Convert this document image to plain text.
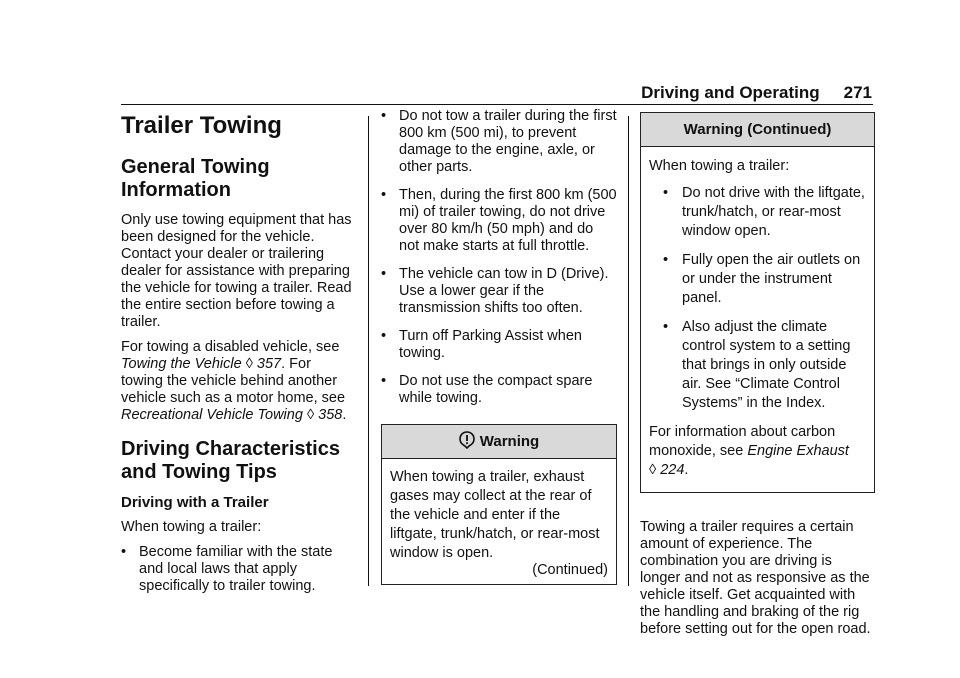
Driving and Operating 271
Trailer Towing
General Towing Information

Only use towing equipment that has been designed for the vehicle. Contact your dealer or trailering dealer for assistance with preparing the vehicle for towing a trailer. Read the entire section before towing a trailer.

For towing a disabled vehicle, see Towing the Vehicle ◊ 357. For towing the vehicle behind another vehicle such as a motor home, see Recreational Vehicle Towing ◊ 358.

Driving Characteristics and Towing Tips
Driving with a Trailer

When towing a trailer:

• Become familiar with the state and local laws that apply specifically to trailer towing.
• Do not tow a trailer during the first 800 km (500 mi), to prevent damage to the engine, axle, or other parts.
• Then, during the first 800 km (500 mi) of trailer towing, do not drive over 80 km/h (50 mph) and do not make starts at full throttle.
• The vehicle can tow in D (Drive). Use a lower gear if the transmission shifts too often.
• Turn off Parking Assist when towing.
• Do not use the compact spare while towing.
Warning
When towing a trailer, exhaust gases may collect at the rear of the vehicle and enter if the liftgate, trunk/hatch, or rear-most window is open.
(Continued)
Warning (Continued)

When towing a trailer:

• Do not drive with the liftgate, trunk/hatch, or rear-most window open.
• Fully open the air outlets on or under the instrument panel.
• Also adjust the climate control system to a setting that brings in only outside air. See “Climate Control Systems” in the Index.

For information about carbon monoxide, see Engine Exhaust
◊ 224.

Towing a trailer requires a certain amount of experience. The combination you are driving is longer and not as responsive as the vehicle itself. Get acquainted with the handling and braking of the rig before setting out for the open road.
